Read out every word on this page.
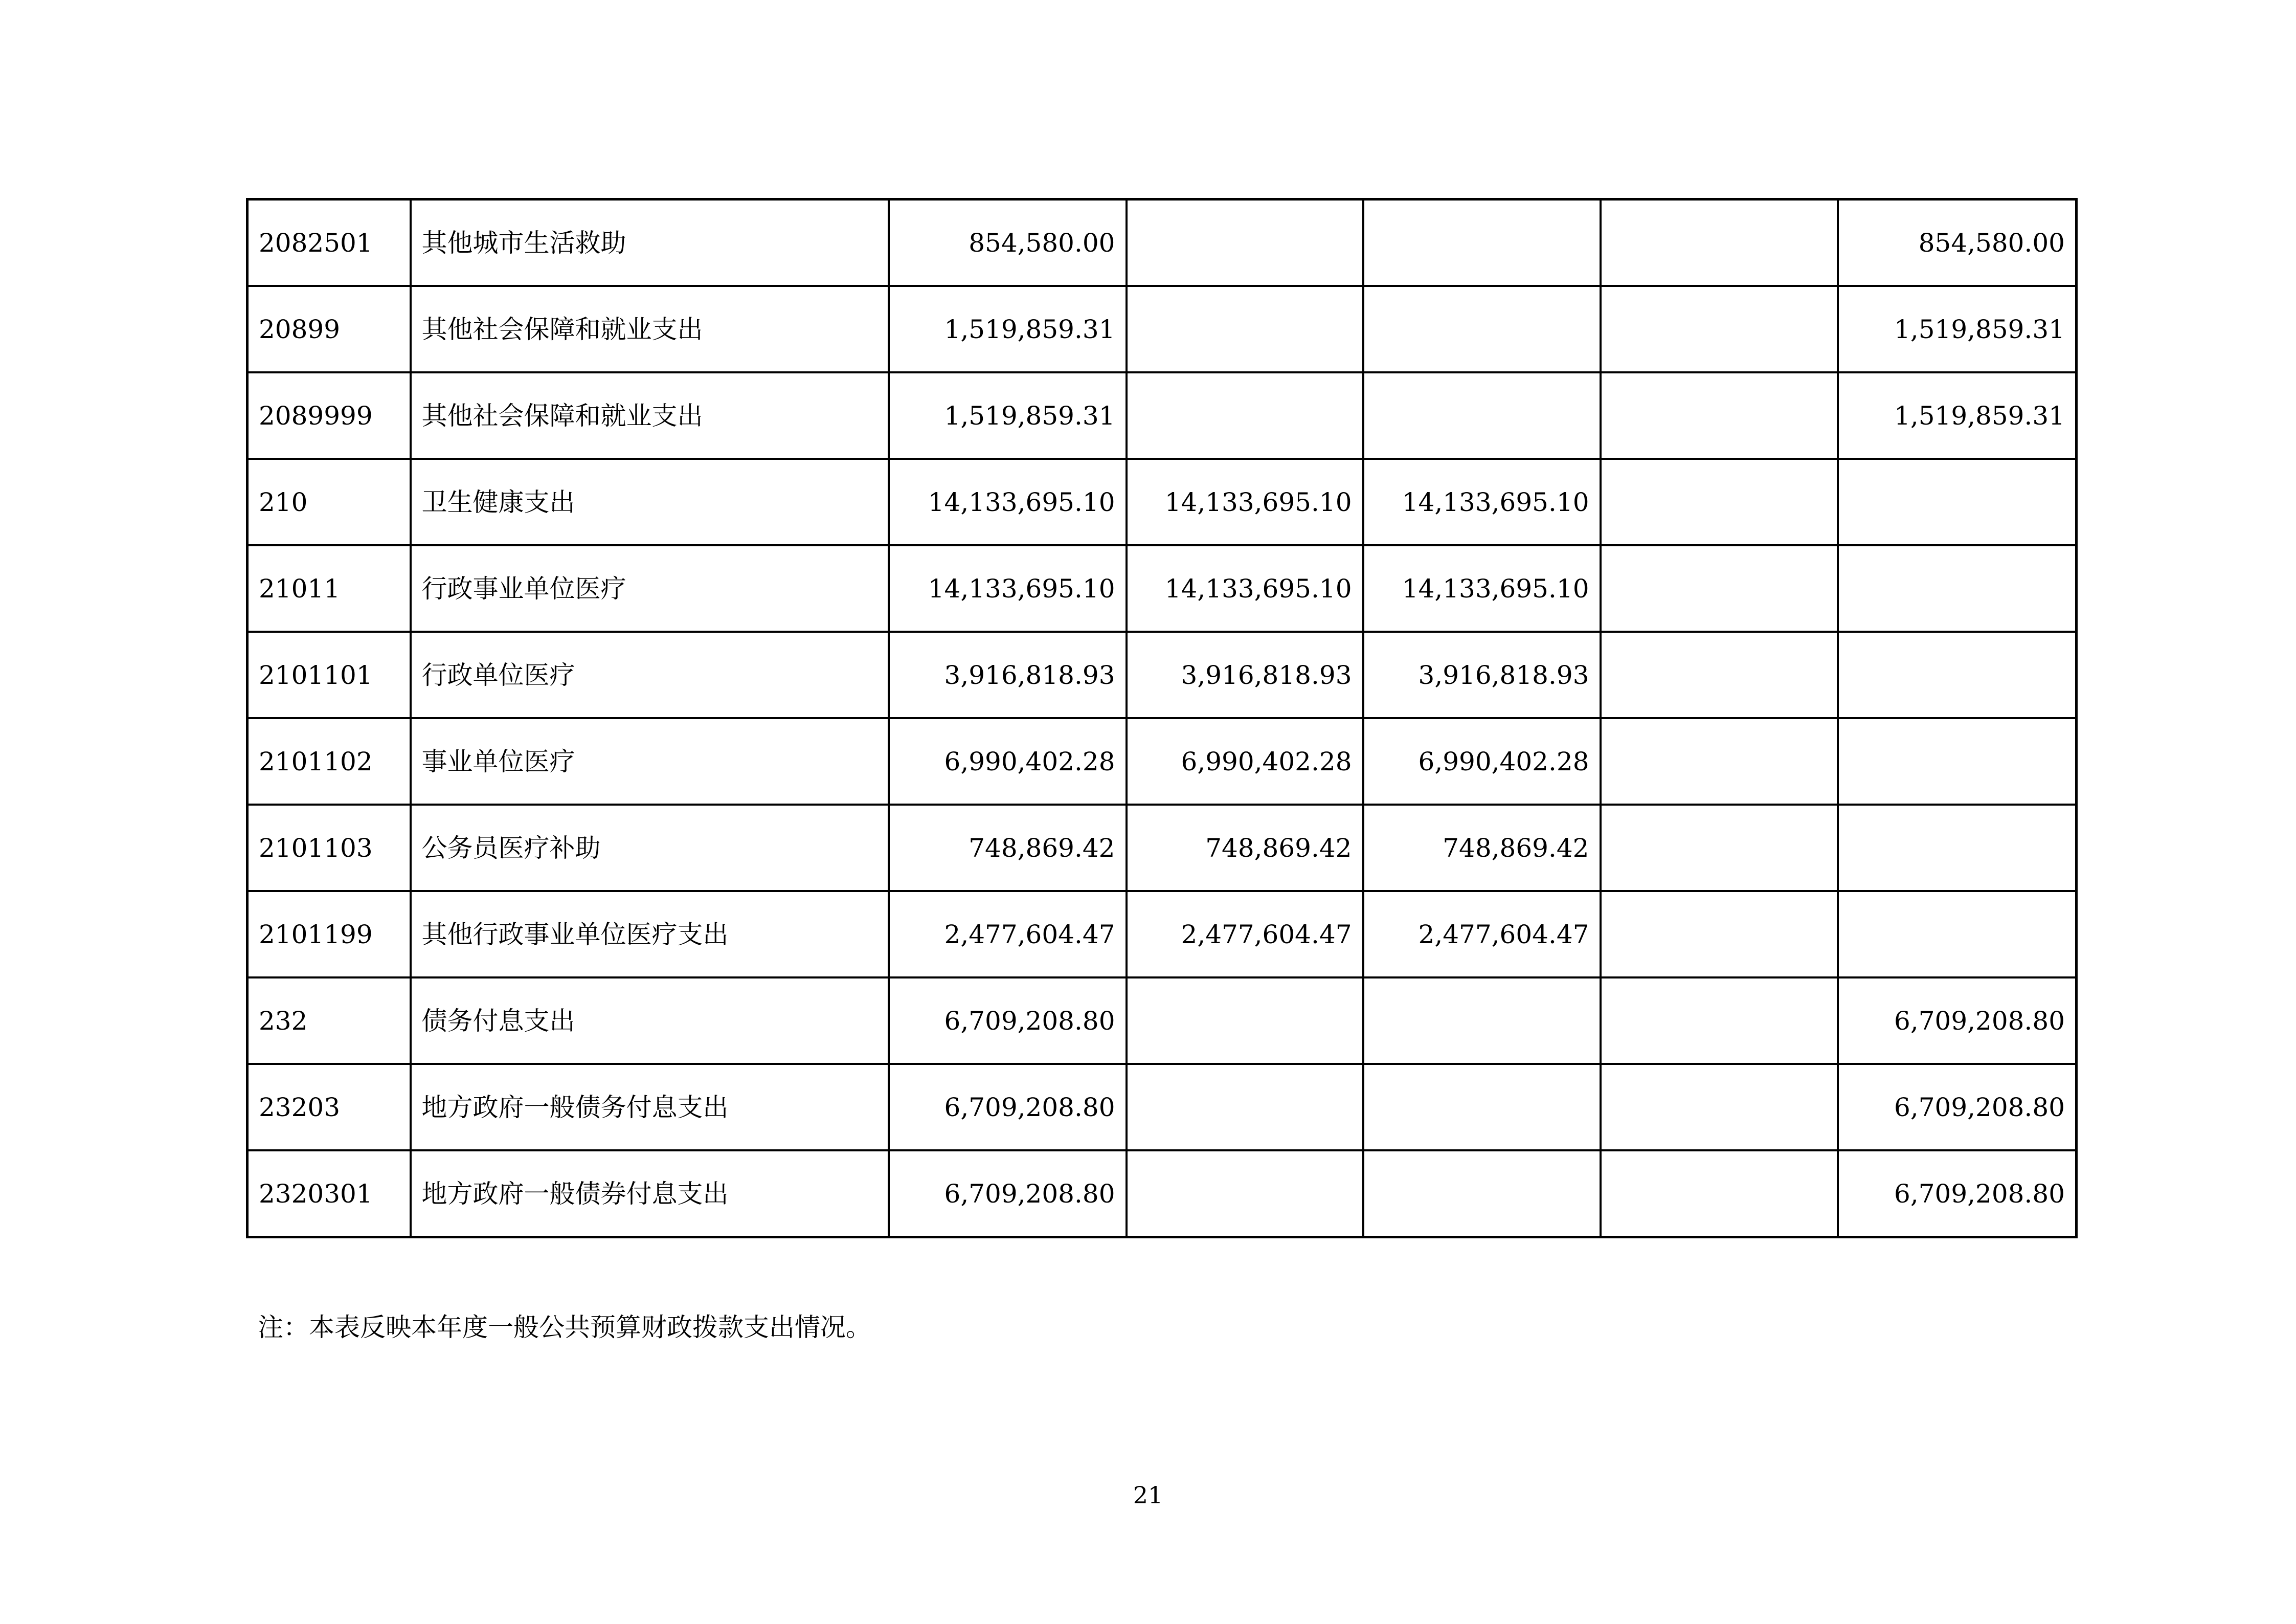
2082501	其他城市生活救助	854,580.00				854,580.00
20899	其他社会保障和就业支出	1,519,859.31				1,519,859.31
2089999	其他社会保障和就业支出	1,519,859.31				1,519,859.31
210	卫生健康支出	14,133,695.10	14,133,695.10	14,133,695.10		
21011	行政事业单位医疗	14,133,695.10	14,133,695.10	14,133,695.10		
2101101	行政单位医疗	3,916,818.93	3,916,818.93	3,916,818.93		
2101102	事业单位医疗	6,990,402.28	6,990,402.28	6,990,402.28		
2101103	公务员医疗补助	748,869.42	748,869.42	748,869.42		
2101199	其他行政事业单位医疗支出	2,477,604.47	2,477,604.47	2,477,604.47		
232	债务付息支出	6,709,208.80				6,709,208.80
23203	地方政府一般债务付息支出	6,709,208.80				6,709,208.80
2320301	地方政府一般债券付息支出	6,709,208.80				6,709,208.80
注：本表反映本年度一般公共预算财政拨款支出情况。
21
